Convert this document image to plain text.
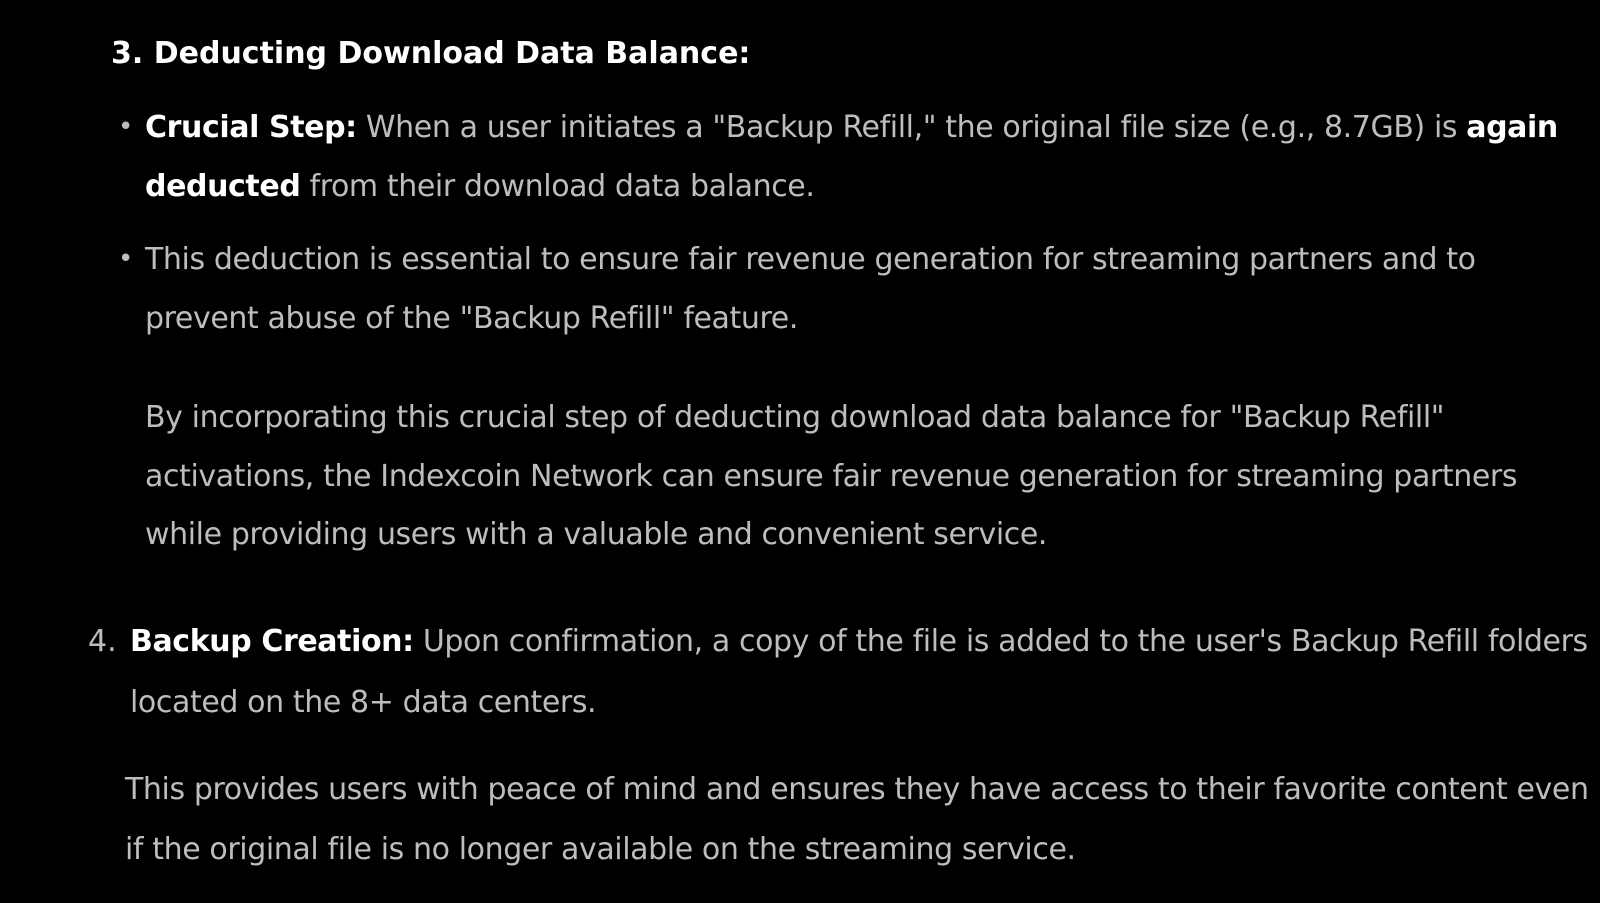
3. Deducting Download Data Balance:
• Crucial Step: When a user initiates a "Backup Refill," the original file size (e.g., 8.7GB) is again deducted from their download data balance.
• This deduction is essential to ensure fair revenue generation for streaming partners and to prevent abuse of the "Backup Refill" feature.
By incorporating this crucial step of deducting download data balance for "Backup Refill" activations, the Indexcoin Network can ensure fair revenue generation for streaming partners while providing users with a valuable and convenient service.
4. Backup Creation: Upon confirmation, a copy of the file is added to the user's Backup Refill folders located on the 8+ data centers.
This provides users with peace of mind and ensures they have access to their favorite content even if the original file is no longer available on the streaming service.
